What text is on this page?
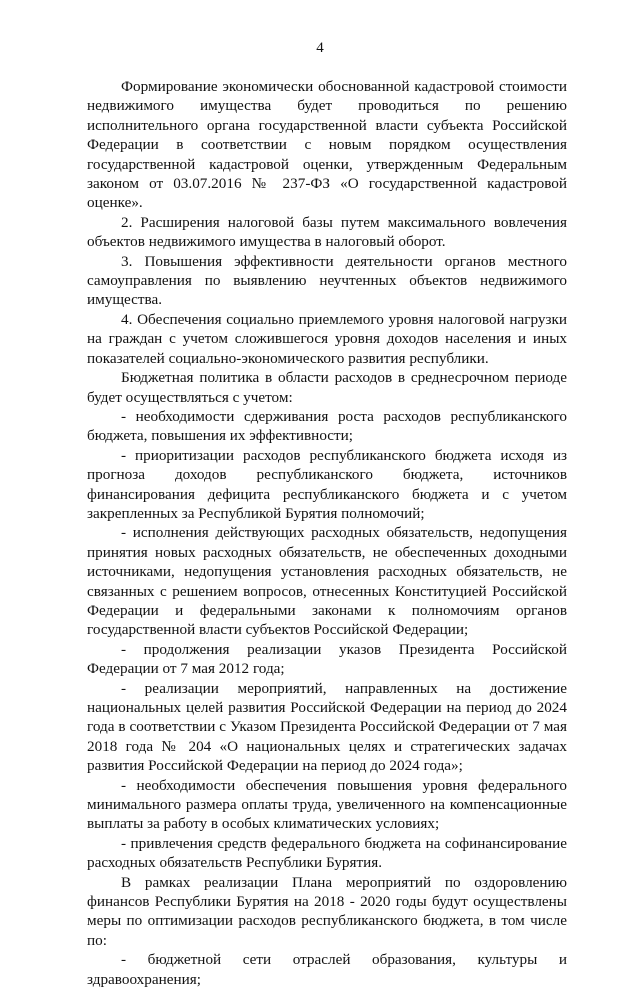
4

Формирование экономически обоснованной кадастровой стоимости недвижимого имущества будет проводиться по решению исполнительного органа государственной власти субъекта Российской Федерации в соответствии с новым порядком осуществления государственной кадастровой оценки, утвержденным Федеральным законом от 03.07.2016 № 237-ФЗ «О государственной кадастровой оценке».

2. Расширения налоговой базы путем максимального вовлечения объектов недвижимого имущества в налоговый оборот.

3. Повышения эффективности деятельности органов местного самоуправления по выявлению неучтенных объектов недвижимого имущества.

4. Обеспечения социально приемлемого уровня налоговой нагрузки на граждан с учетом сложившегося уровня доходов населения и иных показателей социально-экономического развития республики.

Бюджетная политика в области расходов в среднесрочном периоде будет осуществляться с учетом:

- необходимости сдерживания роста расходов республиканского бюджета, повышения их эффективности;

- приоритизации расходов республиканского бюджета исходя из прогноза доходов республиканского бюджета, источников финансирования дефицита республиканского бюджета и с учетом закрепленных за Республикой Бурятия полномочий;

- исполнения действующих расходных обязательств, недопущения принятия новых расходных обязательств, не обеспеченных доходными источниками, недопущения установления расходных обязательств, не связанных с решением вопросов, отнесенных Конституцией Российской Федерации и федеральными законами к полномочиям органов государственной власти субъектов Российской Федерации;

- продолжения реализации указов Президента Российской Федерации от 7 мая 2012 года;

- реализации мероприятий, направленных на достижение национальных целей развития Российской Федерации на период до 2024 года в соответствии с Указом Президента Российской Федерации от 7 мая 2018 года № 204 «О национальных целях и стратегических задачах развития Российской Федерации на период до 2024 года»;

- необходимости обеспечения повышения уровня федерального минимального размера оплаты труда, увеличенного на компенсационные выплаты за работу в особых климатических условиях;

- привлечения средств федерального бюджета на софинансирование расходных обязательств Республики Бурятия.

В рамках реализации Плана мероприятий по оздоровлению финансов Республики Бурятия на 2018 - 2020 годы будут осуществлены меры по оптимизации расходов республиканского бюджета, в том числе по:

- бюджетной сети отраслей образования, культуры и здравоохранения;
